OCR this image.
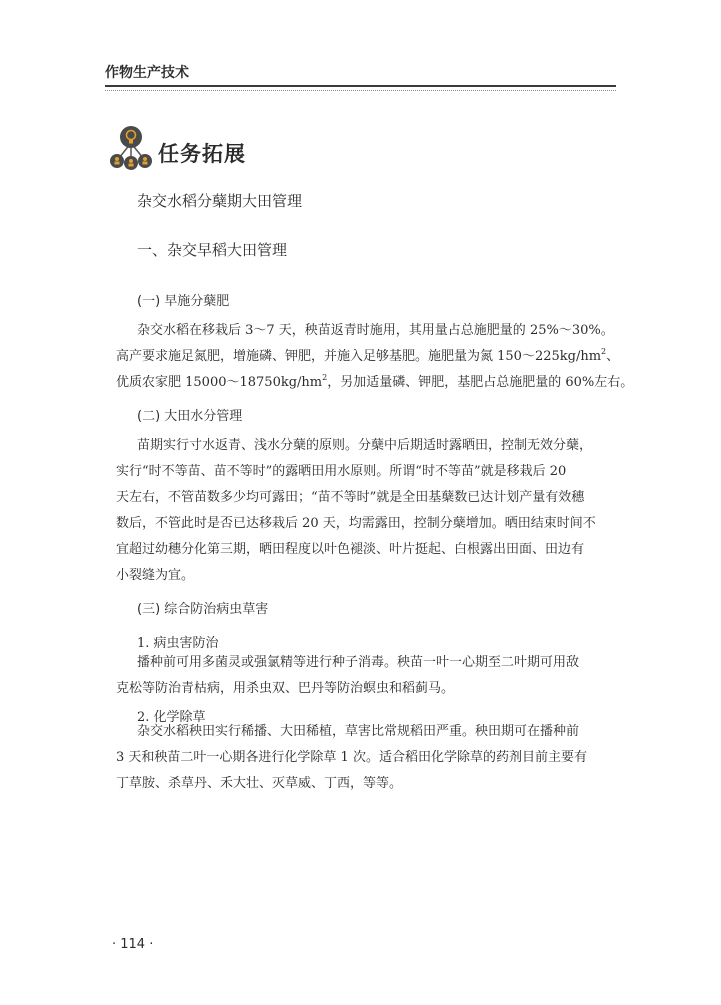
作物生产技术
任务拓展
杂交水稻分蘖期大田管理
一、杂交早稻大田管理
(一) 早施分蘖肥
杂交水稻在移栽后 3～7 天，秧苗返青时施用，其用量占总施肥量的 25%～30%。
高产要求施足氮肥，增施磷、钾肥，并施入足够基肥。施肥量为氮 $150\sim 225kg/hm^2$、
优质农家肥 $15000\sim 18750kg/hm^2$，另加适量磷、钾肥，基肥占总施肥量的 60%左右。
(二) 大田水分管理
苗期实行寸水返青、浅水分蘖的原则。分蘖中后期适时露晒田，控制无效分蘖，
实行“时不等苗、苗不等时”的露晒田用水原则。所谓“时不等苗”就是移栽后 20
天左右，不管苗数多少均可露田；“苗不等时”就是全田基蘖数已达计划产量有效穗
数后，不管此时是否已达移栽后 20 天，均需露田，控制分蘖增加。晒田结束时间不
宜超过幼穗分化第三期，晒田程度以叶色褪淡、叶片挺起、白根露出田面、田边有
小裂缝为宜。
(三) 综合防治病虫草害
1. 病虫害防治
播种前可用多菌灵或强氯精等进行种子消毒。秧苗一叶一心期至二叶期可用敌
克松等防治青枯病，用杀虫双、巴丹等防治螟虫和稻蓟马。
2. 化学除草
杂交水稻秧田实行稀播、大田稀植，草害比常规稻田严重。秧田期可在播种前
3 天和秧苗二叶一心期各进行化学除草 1 次。适合稻田化学除草的药剂目前主要有
丁草胺、杀草丹、禾大壮、灭草威、丁西，等等。
· 114 ·
